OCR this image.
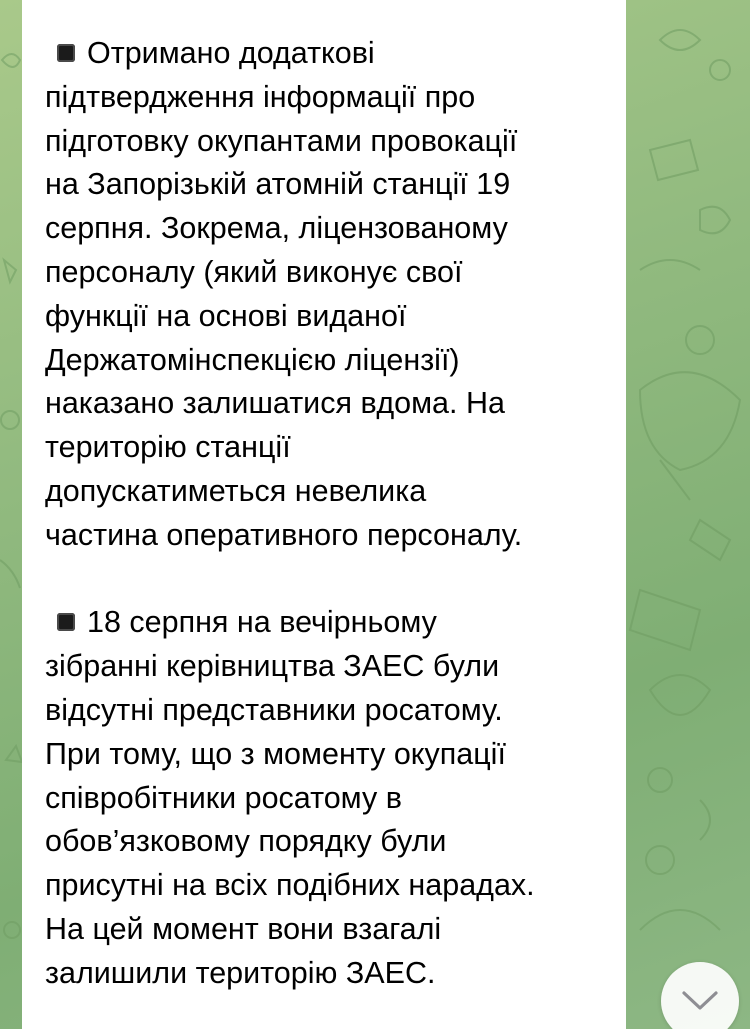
Отримано додаткові
підтвердження інформації про
підготовку окупантами провокації
на Запорізькій атомній станції 19
серпня. Зокрема, ліцензованому
персоналу (який виконує свої
функції на основі виданої
Держатомінспекцією ліцензії)
наказано залишатися вдома. На
територію станції
допускатиметься невелика
частина оперативного персоналу.

18 серпня на вечірньому
зібранні керівництва ЗАЕС були
відсутні представники росатому.
При тому, що з моменту окупації
співробітники росатому в
обов’язковому порядку були
присутні на всіх подібних нарадах.
На цей момент вони взагалі
залишили територію ЗАЕС.
